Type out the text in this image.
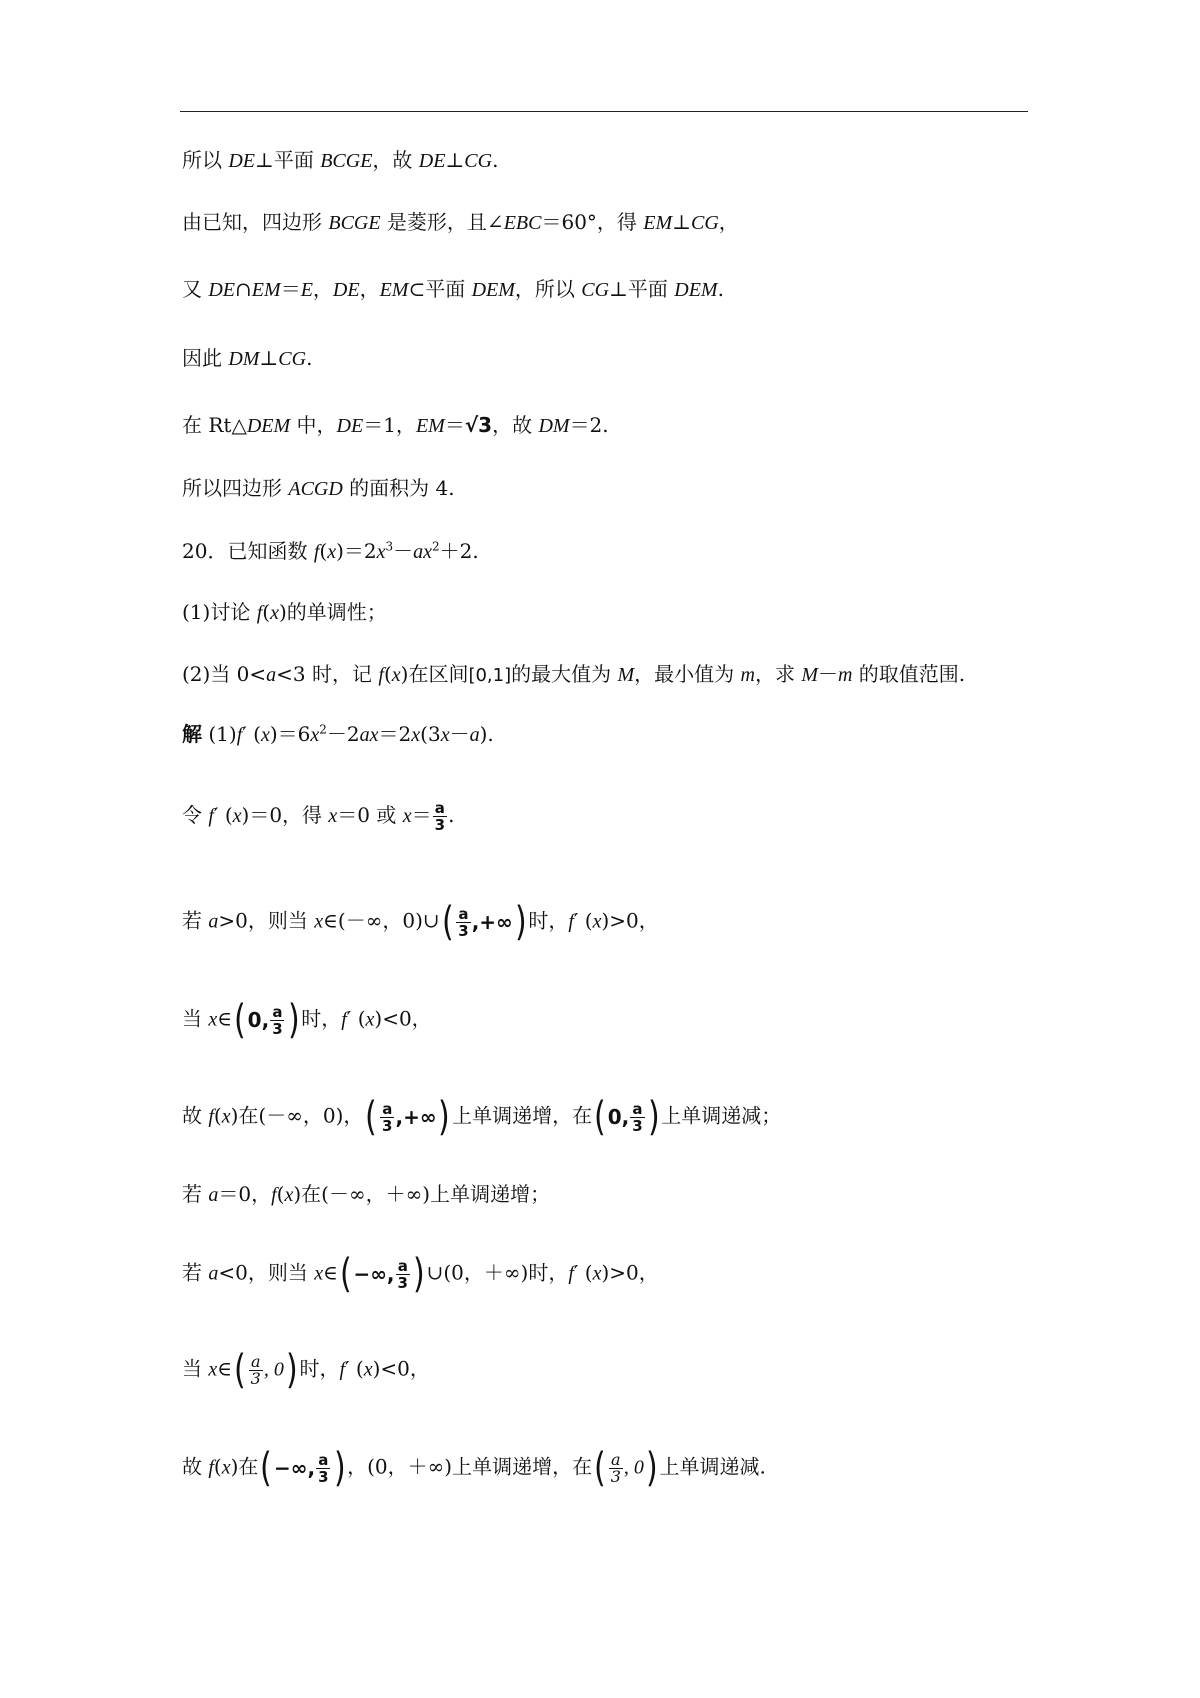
所以 DE⊥平面 BCGE，故 DE⊥CG.
由已知，四边形 BCGE 是菱形，且∠EBC＝60°，得 EM⊥CG，
又 DE∩EM＝E，DE，EM⊂平面 DEM，所以 CG⊥平面 DEM.
因此 DM⊥CG.
在 Rt△DEM 中，DE＝1，EM＝√3，故 DM＝2.
所以四边形 ACGD 的面积为 4.
20．已知函数 $f(x)=2x^3-ax^2+2$.
(1)讨论 f(x)的单调性；
(2)当 0<a<3 时，记 f(x)在区间[0,1]的最大值为 M，最小值为 m，求 M－m 的取值范围.
解 (1)f′ $(x)=6x^2-2ax=2x(3x-a)$.
令 f′ (x)＝0，得 x＝0 或 $x= \frac{a}{3}$ .
若 a>0，则当 x∈(－∞，0)∪( $\frac{a}{3}$ ,+∞)时，f′ (x)>0，
当 x∈(0, $\frac{a}{3}$ )时，f′ (x)<0，
故 f(x)在(－∞，0)，( $\frac{a}{3}$ ,+∞)上单调递增，在(0, $\frac{a}{3}$ )上单调递减；
若 a＝0，f(x)在(－∞，＋∞)上单调递增；
若 a<0，则当 x∈(−∞, $\frac{a}{3}$ )∪(0，＋∞)时，f′ (x)>0，
当 x∈( $\frac{a}{3}$ , 0)时，f′ (x)<0，
故 f(x)在(−∞, $\frac{a}{3}$ )，(0，＋∞)上单调递增，在( $\frac{a}{3}$ , 0)上单调递减.
